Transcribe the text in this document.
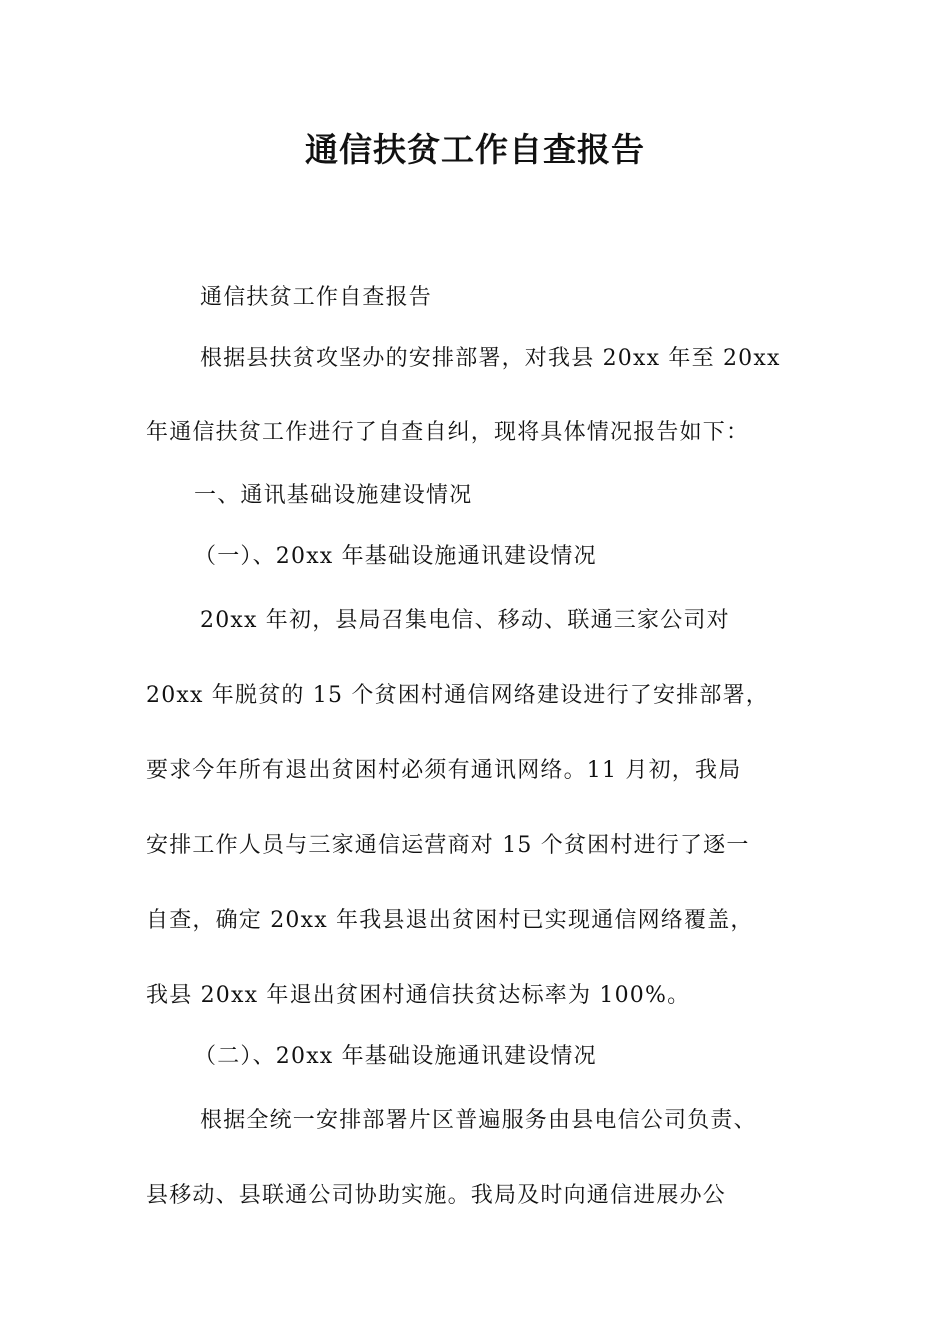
通信扶贫工作自查报告
通信扶贫工作自查报告
根据县扶贫攻坚办的安排部署，对我县 20xx 年至 20xx
年通信扶贫工作进行了自查自纠，现将具体情况报告如下：
一、通讯基础设施建设情况
（一）、20xx 年基础设施通讯建设情况
20xx 年初，县局召集电信、移动、联通三家公司对
20xx 年脱贫的 15 个贫困村通信网络建设进行了安排部署，
要求今年所有退出贫困村必须有通讯网络。11 月初，我局
安排工作人员与三家通信运营商对 15 个贫困村进行了逐一
自查，确定 20xx 年我县退出贫困村已实现通信网络覆盖，
我县 20xx 年退出贫困村通信扶贫达标率为 100%。
（二）、20xx 年基础设施通讯建设情况
根据全统一安排部署片区普遍服务由县电信公司负责、
县移动、县联通公司协助实施。我局及时向通信进展办公
